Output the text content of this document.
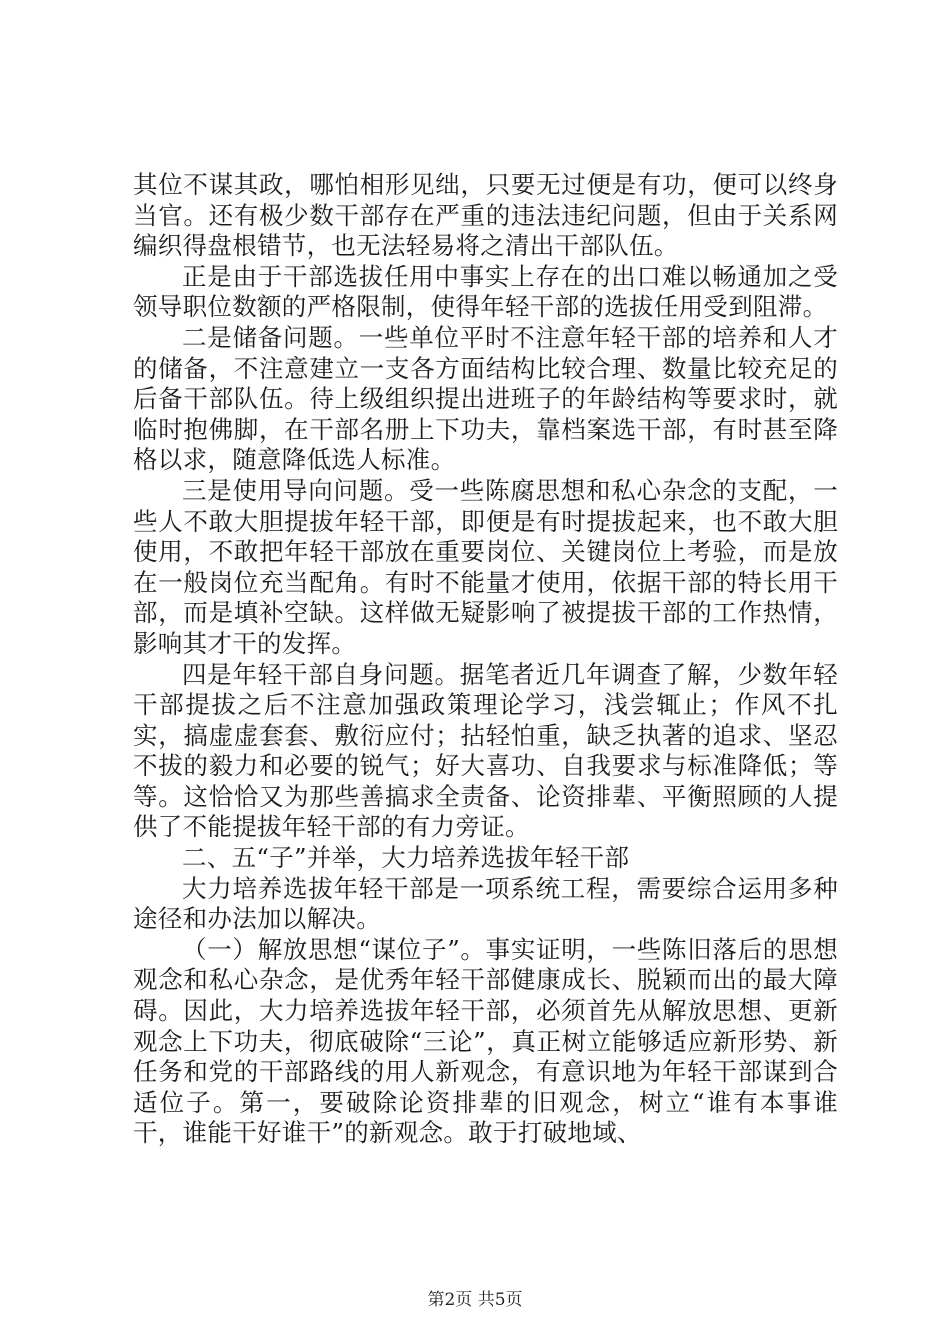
其位不谋其政，哪怕相形见绌，只要无过便是有功，便可以终身当官。还有极少数干部存在严重的违法违纪问题，但由于关系网编织得盘根错节，也无法轻易将之清出干部队伍。

正是由于干部选拔任用中事实上存在的出口难以畅通加之受领导职位数额的严格限制，使得年轻干部的选拔任用受到阻滞。

二是储备问题。一些单位平时不注意年轻干部的培养和人才的储备，不注意建立一支各方面结构比较合理、数量比较充足的后备干部队伍。待上级组织提出进班子的年龄结构等要求时，就临时抱佛脚，在干部名册上下功夫，靠档案选干部，有时甚至降格以求，随意降低选人标准。

三是使用导向问题。受一些陈腐思想和私心杂念的支配，一些人不敢大胆提拔年轻干部，即便是有时提拔起来，也不敢大胆使用，不敢把年轻干部放在重要岗位、关键岗位上考验，而是放在一般岗位充当配角。有时不能量才使用，依据干部的特长用干部，而是填补空缺。这样做无疑影响了被提拔干部的工作热情，影响其才干的发挥。

四是年轻干部自身问题。据笔者近几年调查了解，少数年轻干部提拔之后不注意加强政策理论学习，浅尝辄止；作风不扎实，搞虚虚套套、敷衍应付；拈轻怕重，缺乏执著的追求、坚忍不拔的毅力和必要的锐气；好大喜功、自我要求与标准降低；等等。这恰恰又为那些善搞求全责备、论资排辈、平衡照顾的人提供了不能提拔年轻干部的有力旁证。

二、五“子”并举，大力培养选拔年轻干部

大力培养选拔年轻干部是一项系统工程，需要综合运用多种途径和办法加以解决。

（一）解放思想“谋位子”。事实证明，一些陈旧落后的思想观念和私心杂念，是优秀年轻干部健康成长、脱颖而出的最大障碍。因此，大力培养选拔年轻干部，必须首先从解放思想、更新观念上下功夫，彻底破除“三论”，真正树立能够适应新形势、新任务和党的干部路线的用人新观念，有意识地为年轻干部谋到合适位子。第一，要破除论资排辈的旧观念，树立“谁有本事谁干，谁能干好谁干”的新观念。敢于打破地域、

第2页 共5页
